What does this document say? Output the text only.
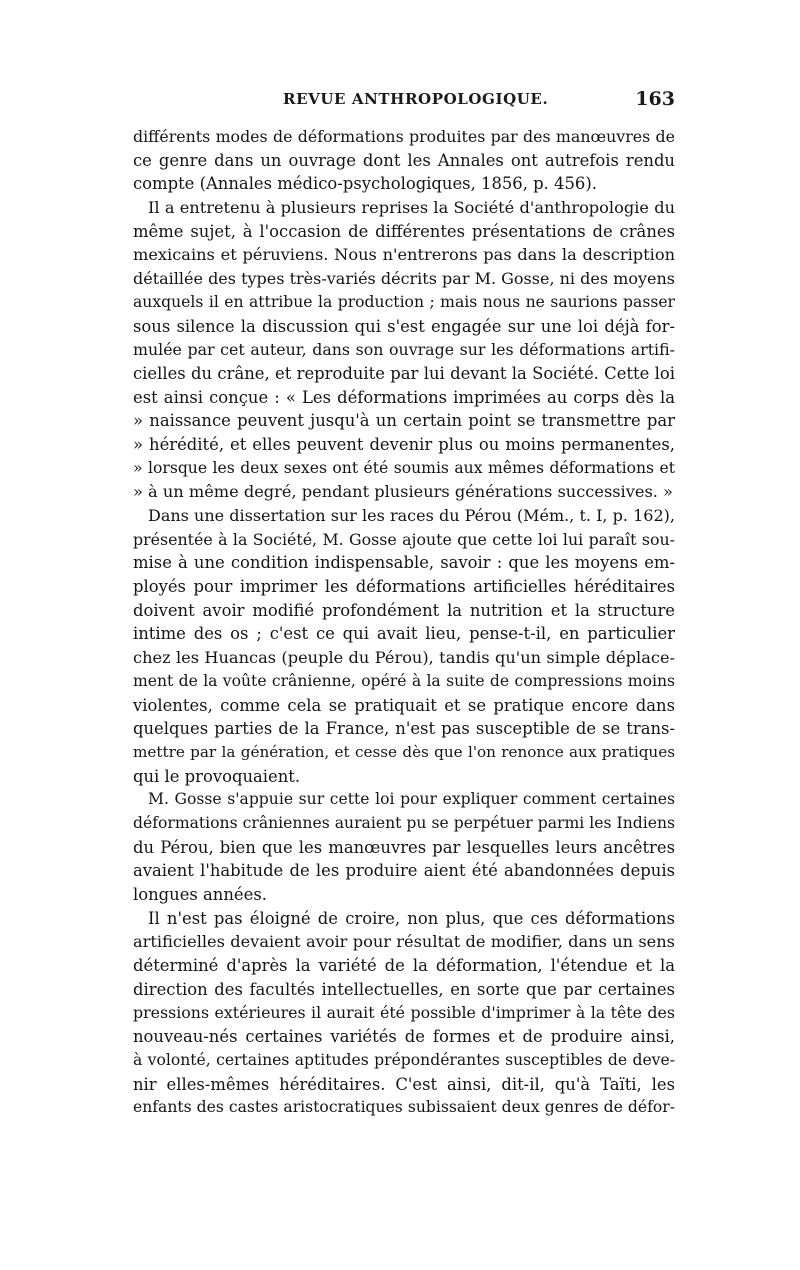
REVUE ANTHROPOLOGIQUE.	163
différents modes de déformations produites par des manœuvres de
ce genre dans un ouvrage dont les Annales ont autrefois rendu
compte (Annales médico-psychologiques, 1856, p. 456).
Il a entretenu à plusieurs reprises la Société d'anthropologie du
même sujet, à l'occasion de différentes présentations de crânes
mexicains et péruviens. Nous n'entrerons pas dans la description
détaillée des types très-variés décrits par M. Gosse, ni des moyens
auxquels il en attribue la production ; mais nous ne saurions passer
sous silence la discussion qui s'est engagée sur une loi déjà for-
mulée par cet auteur, dans son ouvrage sur les déformations artifi-
cielles du crâne, et reproduite par lui devant la Société. Cette loi
est ainsi conçue : « Les déformations imprimées au corps dès la
» naissance peuvent jusqu'à un certain point se transmettre par
» hérédité, et elles peuvent devenir plus ou moins permanentes,
» lorsque les deux sexes ont été soumis aux mêmes déformations et
» à un même degré, pendant plusieurs générations successives. »
Dans une dissertation sur les races du Pérou (Mém., t. I, p. 162),
présentée à la Société, M. Gosse ajoute que cette loi lui paraît sou-
mise à une condition indispensable, savoir : que les moyens em-
ployés pour imprimer les déformations artificielles héréditaires
doivent avoir modifié profondément la nutrition et la structure
intime des os ; c'est ce qui avait lieu, pense-t-il, en particulier
chez les Huancas (peuple du Pérou), tandis qu'un simple déplace-
ment de la voûte crânienne, opéré à la suite de compressions moins
violentes, comme cela se pratiquait et se pratique encore dans
quelques parties de la France, n'est pas susceptible de se trans-
mettre par la génération, et cesse dès que l'on renonce aux pratiques
qui le provoquaient.
M. Gosse s'appuie sur cette loi pour expliquer comment certaines
déformations crâniennes auraient pu se perpétuer parmi les Indiens
du Pérou, bien que les manœuvres par lesquelles leurs ancêtres
avaient l'habitude de les produire aient été abandonnées depuis
longues années.
Il n'est pas éloigné de croire, non plus, que ces déformations
artificielles devaient avoir pour résultat de modifier, dans un sens
déterminé d'après la variété de la déformation, l'étendue et la
direction des facultés intellectuelles, en sorte que par certaines
pressions extérieures il aurait été possible d'imprimer à la tête des
nouveau-nés certaines variétés de formes et de produire ainsi,
à volonté, certaines aptitudes prépondérantes susceptibles de deve-
nir elles-mêmes héréditaires. C'est ainsi, dit-il, qu'à Taïti, les
enfants des castes aristocratiques subissaient deux genres de défor-
